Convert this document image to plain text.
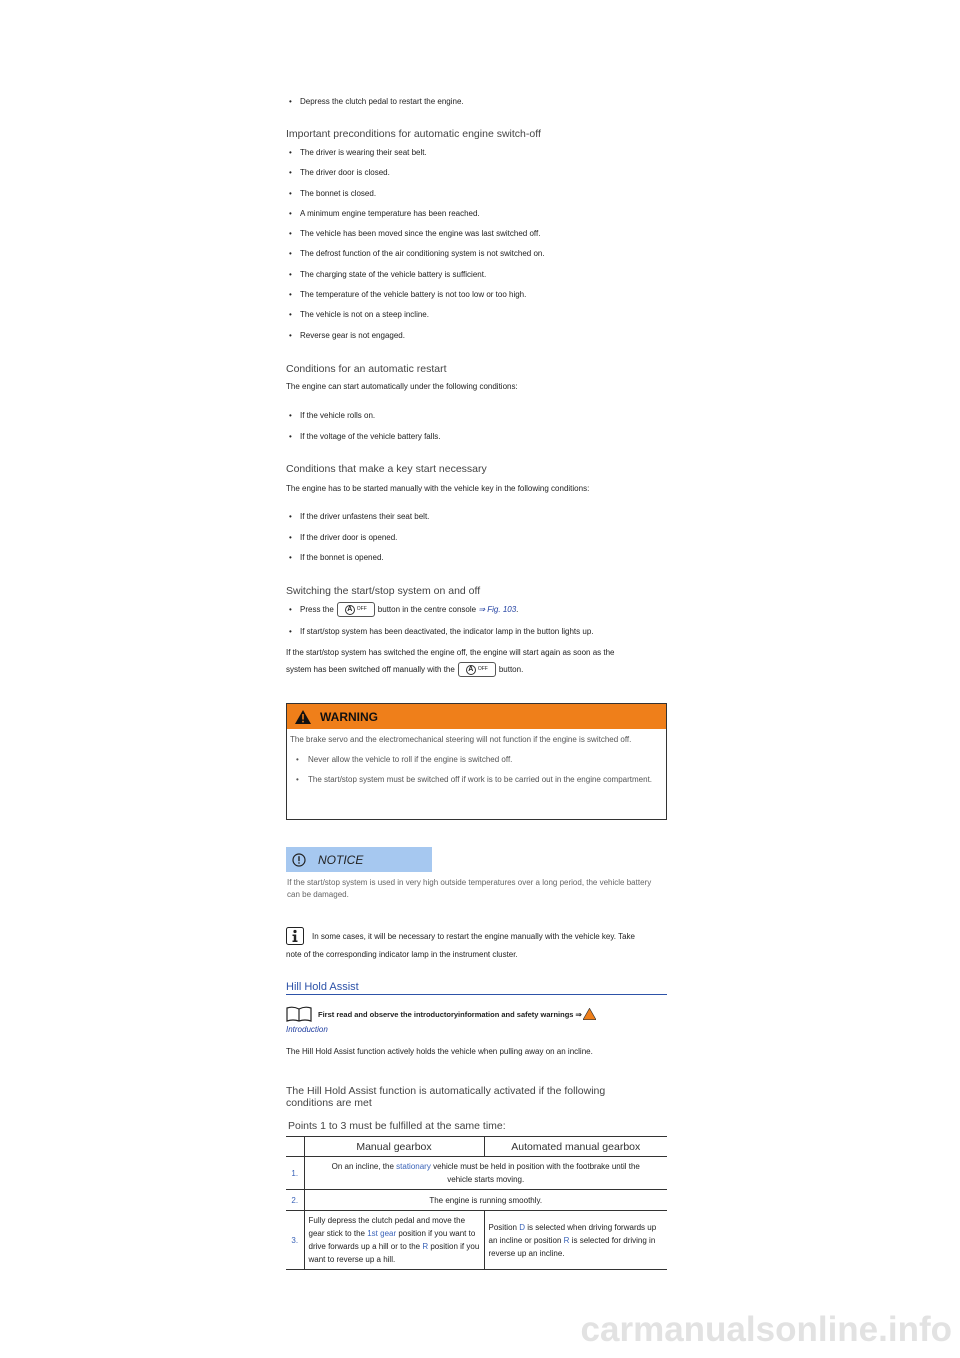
•	Depress the clutch pedal to restart the engine.
Important preconditions for automatic engine switch-off
•	The driver is wearing their seat belt.
•	The driver door is closed.
•	The bonnet is closed.
•	A minimum engine temperature has been reached.
•	The vehicle has been moved since the engine was last switched off.
•	The defrost function of the air conditioning system is not switched on.
•	The charging state of the vehicle battery is sufficient.
•	The temperature of the vehicle battery is not too low or too high.
•	The vehicle is not on a steep incline.
•	Reverse gear is not engaged.
Conditions for an automatic restart
The engine can start automatically under the following conditions:
•	If the vehicle rolls on.
•	If the voltage of the vehicle battery falls.
Conditions that make a key start necessary
The engine has to be started manually with the vehicle key in the following conditions:
•	If the driver unfastens their seat belt.
•	If the driver door is opened.
•	If the bonnet is opened.
Switching the start/stop system on and off
•	Press the	A OFF button in the centre console
⇒ Fig. 103 .
•	If start/stop system has been deactivated, the indicator lamp in the button lights up.
If the start/stop system has switched the engine off, the engine will start again as soon as the
system has been switched off manually with the	A OFF button.
WARNING
The brake servo and the electromechanical steering will not function if the engine is switched off.
•	Never allow the vehicle to roll if the engine is switched off.
•	The start/stop system must be switched off if work is to be carried out in the engine compartment.
NOTICE
If the start/stop system is used in very high outside temperatures over a long period, the vehicle battery can be damaged.
In some cases, it will be necessary to restart the engine manually with the vehicle key. Take
note of the corresponding indicator lamp in the instrument cluster.
Hill Hold Assist
First read and observe the introductoryinformation and safety warnings ⇒
Introduction
The Hill Hold Assist function actively holds the vehicle when pulling away on an incline.
The Hill Hold Assist function is automatically activated if the following
conditions are met
Points 1 to 3 must be fulfilled at the same time:
	Manual gearbox	Automated manual gearbox
1.	On an incline, the stationary vehicle must be held in position with the footbrake until the
vehicle starts moving.	
2.	The engine is running smoothly.	
3.	Fully depress the clutch pedal and move the gear stick to the 1st gear position if you want to drive forwards up a hill or to the R position if you want to reverse up a hill.	Position D is selected when driving forwards up an incline or position R is selected for driving in reverse up an incline.
carmanualsonline.info
